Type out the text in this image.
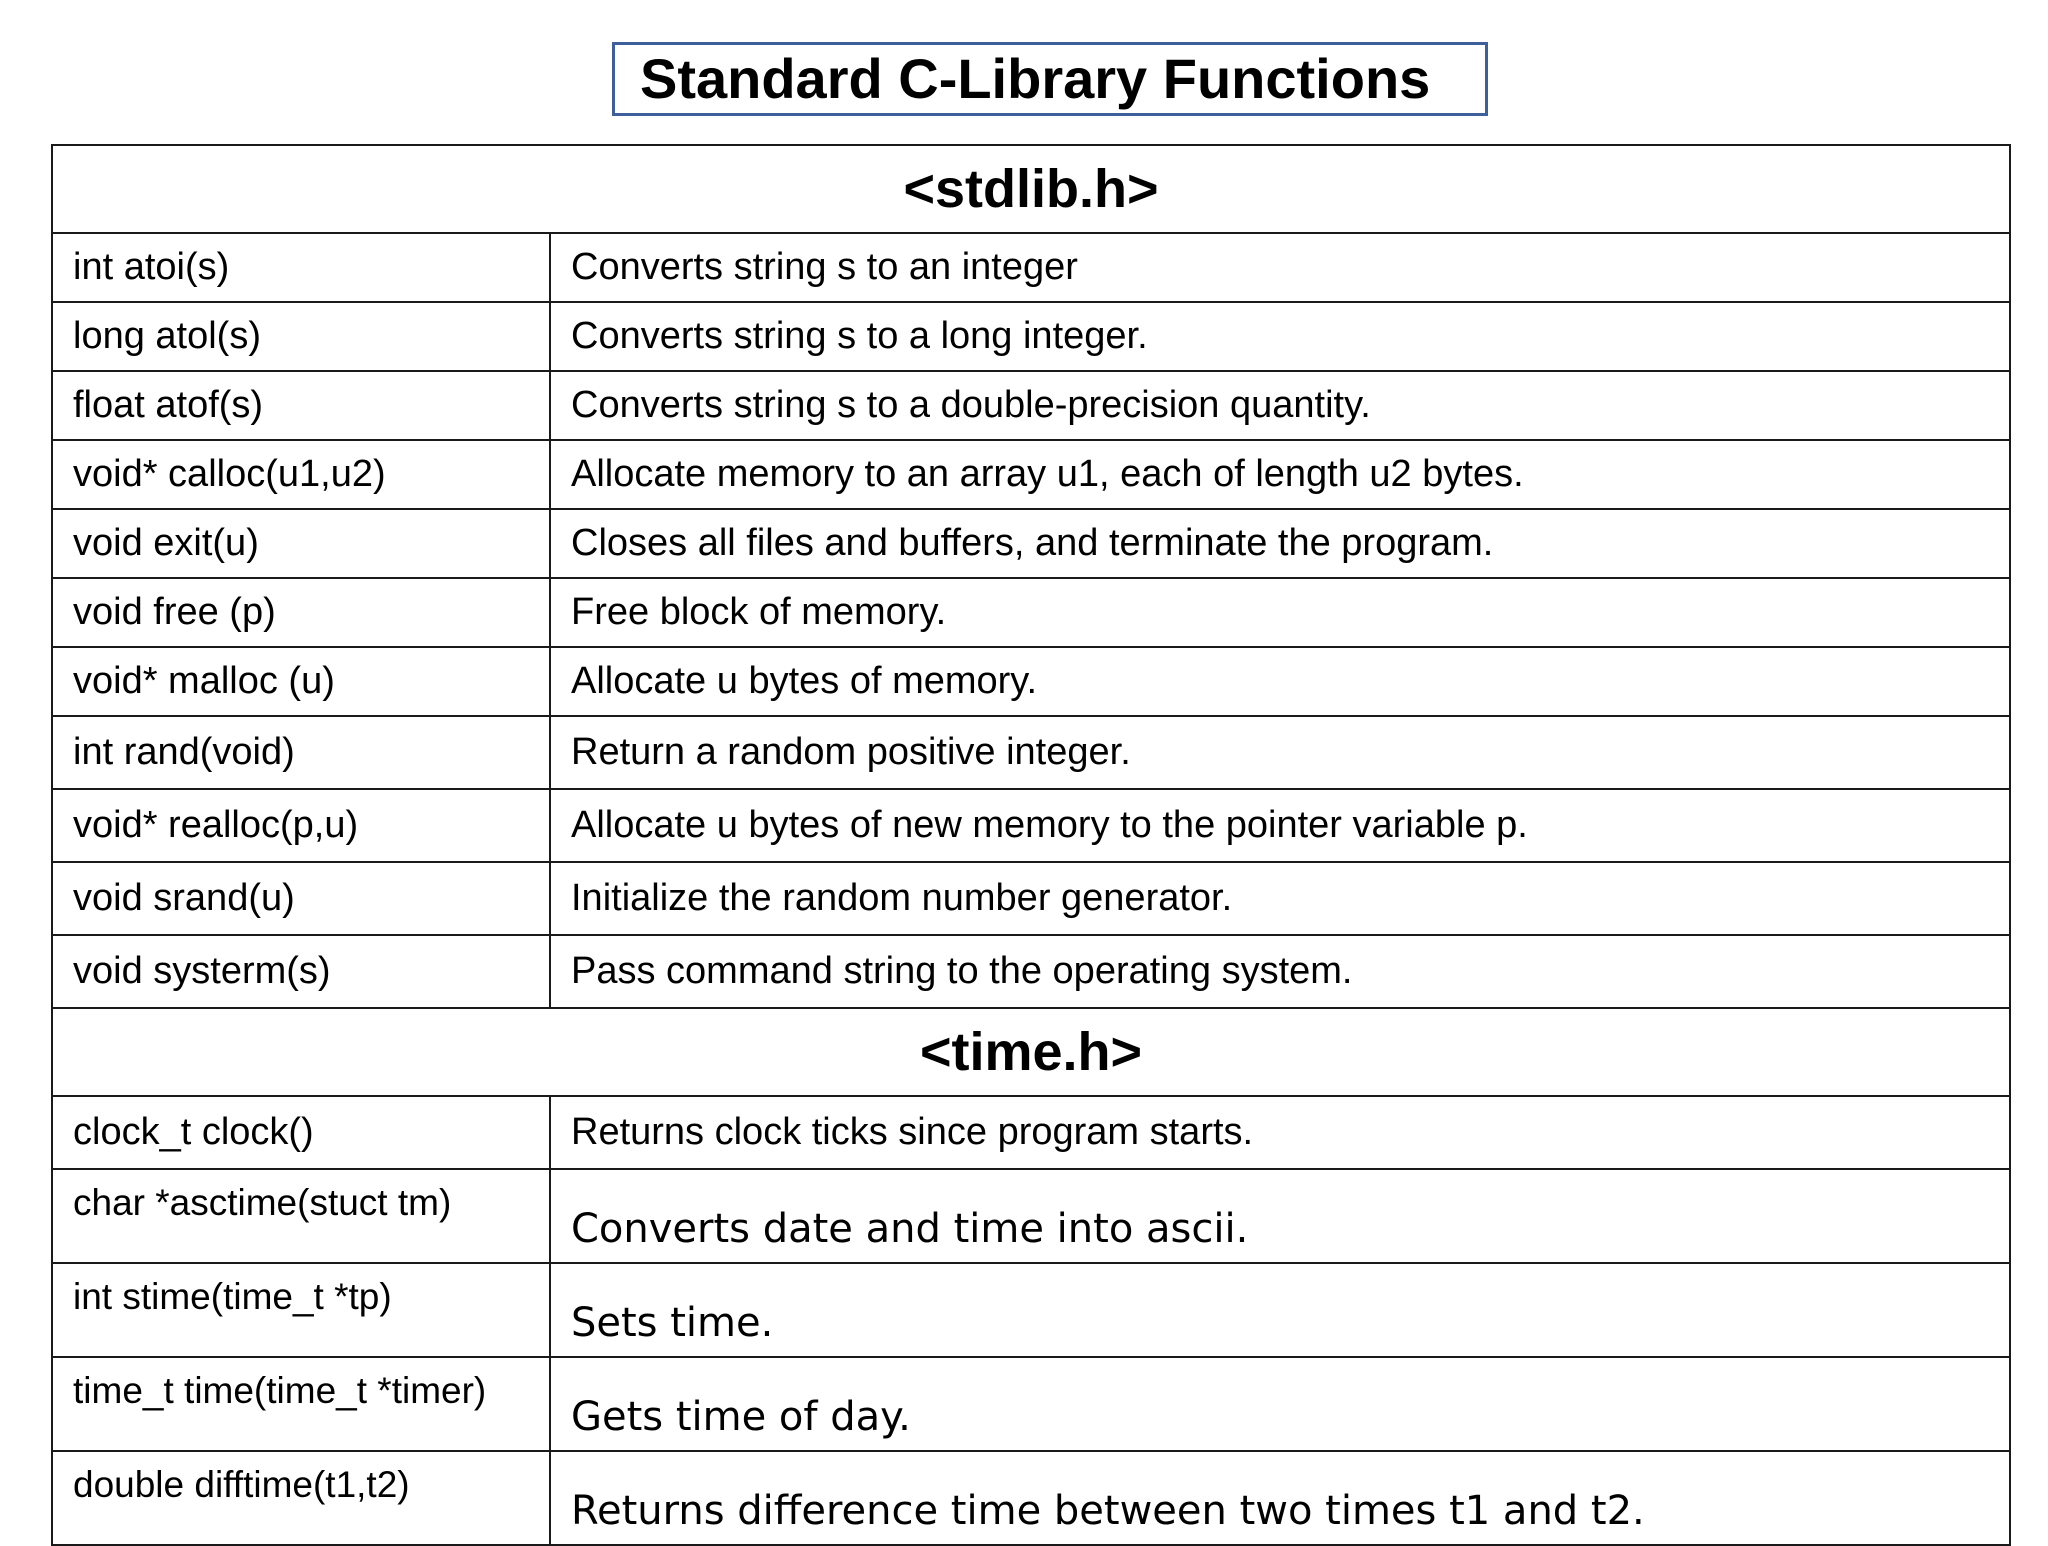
Standard C-Library Functions
<stdlib.h>	
int atoi(s)	Converts string s to an integer
long atol(s)	Converts string s to a long integer.
float atof(s)	Converts string s to a double-precision quantity.
void* calloc(u1,u2)	Allocate memory to an array u1, each of length u2 bytes.
void exit(u)	Closes all files and buffers, and terminate the program.
void free (p)	Free block of memory.
void* malloc (u)	Allocate u bytes of memory.
int rand(void)	Return a random positive integer.
void* realloc(p,u)	Allocate u bytes of new memory to the pointer variable p.
void srand(u)	Initialize the random number generator.
void systerm(s)	Pass command string to the operating system.
<time.h>	
clock_t clock()	Returns clock ticks since program starts.
char *asctime(stuct tm)	Converts date and time into ascii.
int stime(time_t *tp)	Sets time.
time_t time(time_t *timer)	Gets time of day.
double difftime(t1,t2)	Returns difference time between two times t1 and t2.
